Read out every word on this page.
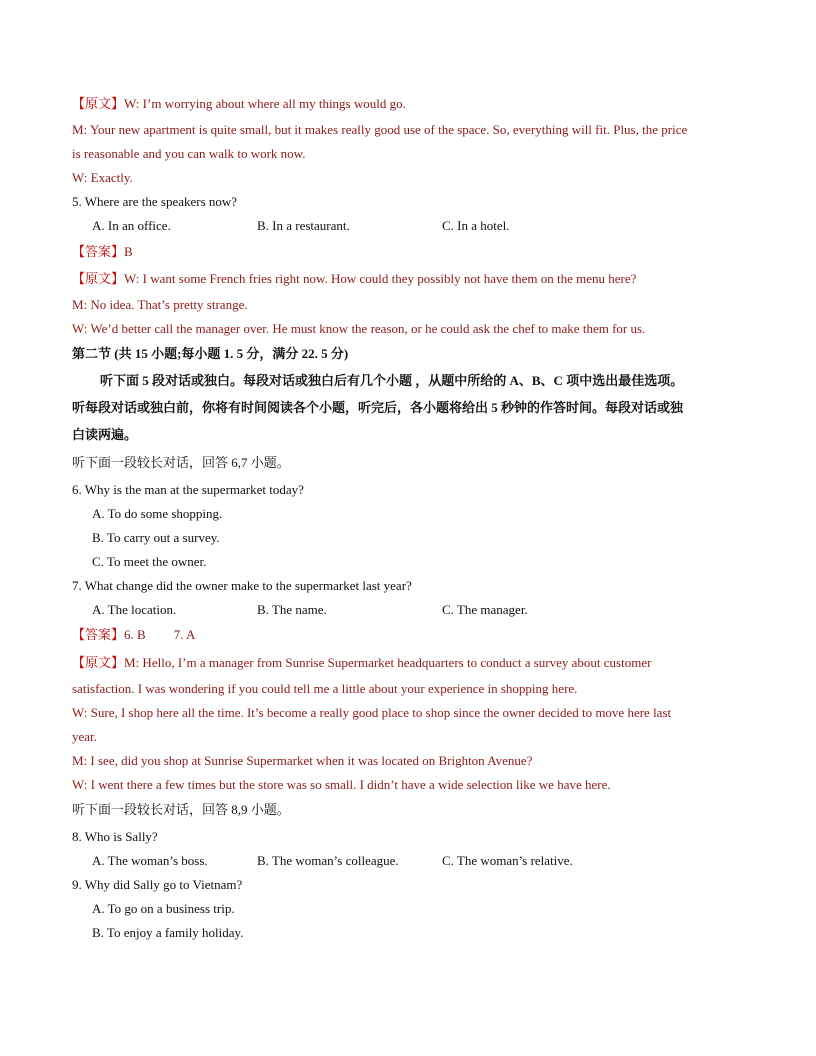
【原文】W: I’m worrying about where all my things would go.
M: Your new apartment is quite small, but it makes really good use of the space. So, everything will fit. Plus, the price
is reasonable and you can walk to work now.
W: Exactly.
5. Where are the speakers now?
A. In an office.	B. In a restaurant.	C. In a hotel.
【答案】B
【原文】W: I want some French fries right now. How could they possibly not have them on the menu here?
M: No idea. That’s pretty strange.
W: We’d better call the manager over. He must know the reason, or he could ask the chef to make them for us.
第二节 (共 15 小题;每小题 1. 5 分，满分 22. 5 分)
听下面 5 段对话或独白。每段对话或独白后有几个小题 ，从题中所给的 A、B、C 项中选出最佳选项。
听每段对话或独白前，你将有时间阅读各个小题，听完后，各小题将给出 5 秒钟的作答时间。每段对话或独
白读两遍。
听下面一段较长对话，回答 6,7 小题。
6. Why is the man at the supermarket today?
A. To do some shopping.
B. To carry out a survey.
C. To meet the owner.
7. What change did the owner make to the supermarket last year?
A. The location.	B. The name.	C. The manager.
【答案】6. B 7. A
【原文】M: Hello, I’m a manager from Sunrise Supermarket headquarters to conduct a survey about customer
satisfaction. I was wondering if you could tell me a little about your experience in shopping here.
W: Sure, I shop here all the time. It’s become a really good place to shop since the owner decided to move here last
year.
M: I see, did you shop at Sunrise Supermarket when it was located on Brighton Avenue?
W: I went there a few times but the store was so small. I didn’t have a wide selection like we have here.
听下面一段较长对话，回答 8,9 小题。
8. Who is Sally?
A. The woman’s boss.	B. The woman’s colleague.	C. The woman’s relative.
9. Why did Sally go to Vietnam?
A. To go on a business trip.
B. To enjoy a family holiday.
